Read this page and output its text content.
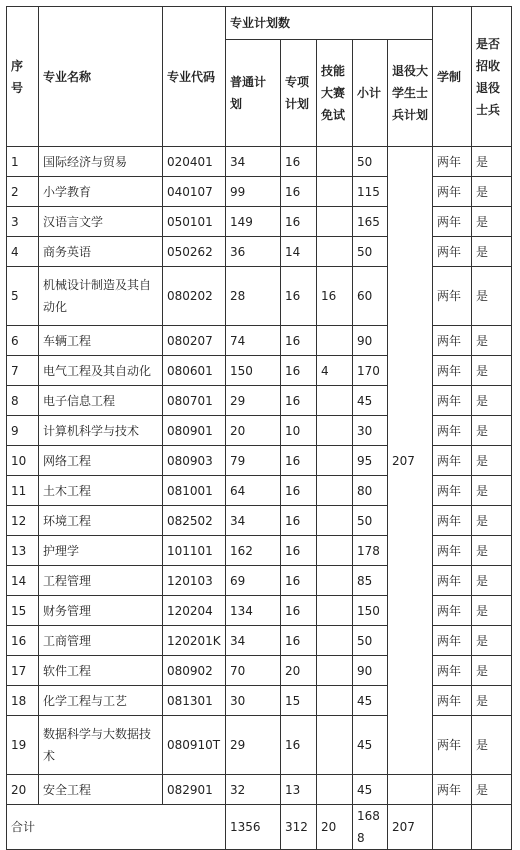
序号	专业名称	专业代码	专业计划数					学制	是否招收退役士兵
			普通计划	专项计划	技能大赛免试	小计	退役大学生士兵计划		
1	国际经济与贸易	020401	34	16		50	207	两年	是
2	小学教育	040107	99	16		115		两年	是
3	汉语言文学	050101	149	16		165		两年	是
4	商务英语	050262	36	14		50		两年	是
5	机械设计制造及其自动化	080202	28	16	16	60		两年	是
6	车辆工程	080207	74	16		90		两年	是
7	电气工程及其自动化	080601	150	16	4	170		两年	是
8	电子信息工程	080701	29	16		45		两年	是
9	计算机科学与技术	080901	20	10		30		两年	是
10	网络工程	080903	79	16		95		两年	是
11	土木工程	081001	64	16		80		两年	是
12	环境工程	082502	34	16		50		两年	是
13	护理学	101101	162	16		178		两年	是
14	工程管理	120103	69	16		85		两年	是
15	财务管理	120204	134	16		150		两年	是
16	工商管理	120201K	34	16		50		两年	是
17	软件工程	080902	70	20		90		两年	是
18	化学工程与工艺	081301	30	15		45		两年	是
19	数据科学与大数据技术	080910T	29	16		45		两年	是
20	安全工程	082901	32	13		45		两年	是
合计			1356	312	20	1688	207		
